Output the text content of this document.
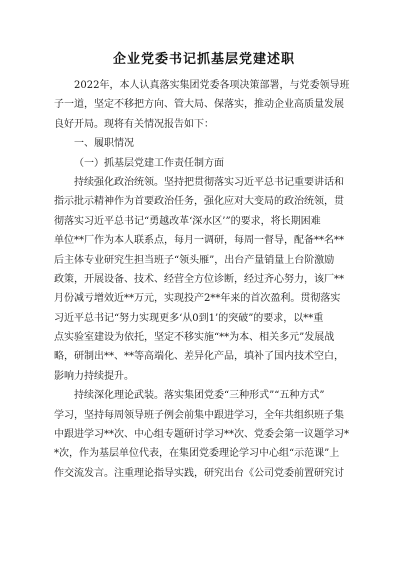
企业党委书记抓基层党建述职
2022年，本人认真落实集团党委各项决策部署，与党委领导班
子一道，坚定不移把方向、管大局、保落实，推动企业高质量发展
良好开局。现将有关情况报告如下：
一、履职情况
（一）抓基层党建工作责任制方面
持续强化政治统领。坚持把贯彻落实习近平总书记重要讲话和
指示批示精神作为首要政治任务，强化应对大变局的政治统领，贯
彻落实习近平总书记“勇越改革‘深水区’”的要求，将长期困难
单位**厂作为本人联系点，每月一调研，每周一督导，配备**名**
后主体专业研究生担当班子“领头雁”，出台产量销量上台阶激励
政策，开展设备、技术、经营全方位诊断，经过齐心努力，该厂**
月份减亏增效近**万元，实现投产2**年来的首次盈利。贯彻落实
习近平总书记“努力实现更多‘从0到1’的突破”的要求，以**重
点实验室建设为依托，坚定不移实施“**为本、相关多元”发展战
略，研制出**、**等高端化、差异化产品，填补了国内技术空白，
影响力持续提升。
持续深化理论武装。落实集团党委“三种形式”“五种方式”
学习，坚持每周领导班子例会前集中跟进学习，全年共组织班子集
中跟进学习**次、中心组专题研讨学习**次、党委会第一议题学习*
*次，作为基层单位代表，在集团党委理论学习中心组“示范课”上
作交流发言。注重理论指导实践，研究出台《公司党委前置研究讨
